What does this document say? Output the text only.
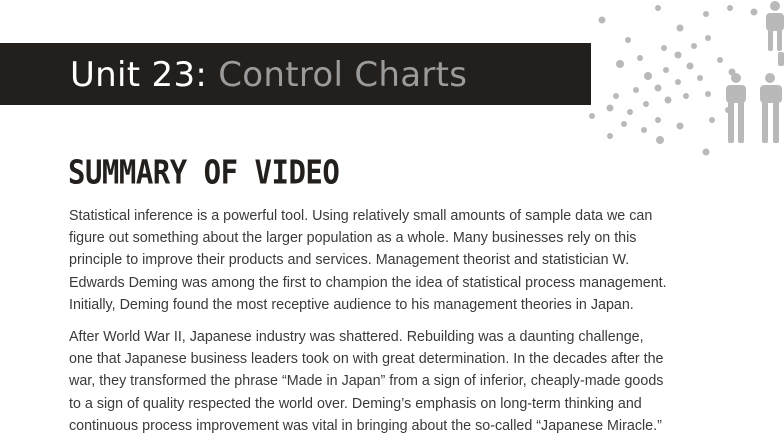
Unit 23: Control Charts
SUMMARY OF VIDEO

Statistical inference is a powerful tool. Using relatively small amounts of sample data we can
figure out something about the larger population as a whole. Many businesses rely on this
principle to improve their products and services. Management theorist and statistician W.
Edwards Deming was among the first to champion the idea of statistical process management.
Initially, Deming found the most receptive audience to his management theories in Japan.

After World War II, Japanese industry was shattered. Rebuilding was a daunting challenge,
one that Japanese business leaders took on with great determination. In the decades after the
war, they transformed the phrase “Made in Japan” from a sign of inferior, cheaply-made goods
to a sign of quality respected the world over. Deming’s emphasis on long-term thinking and
continuous process improvement was vital in bringing about the so-called “Japanese Miracle.”
